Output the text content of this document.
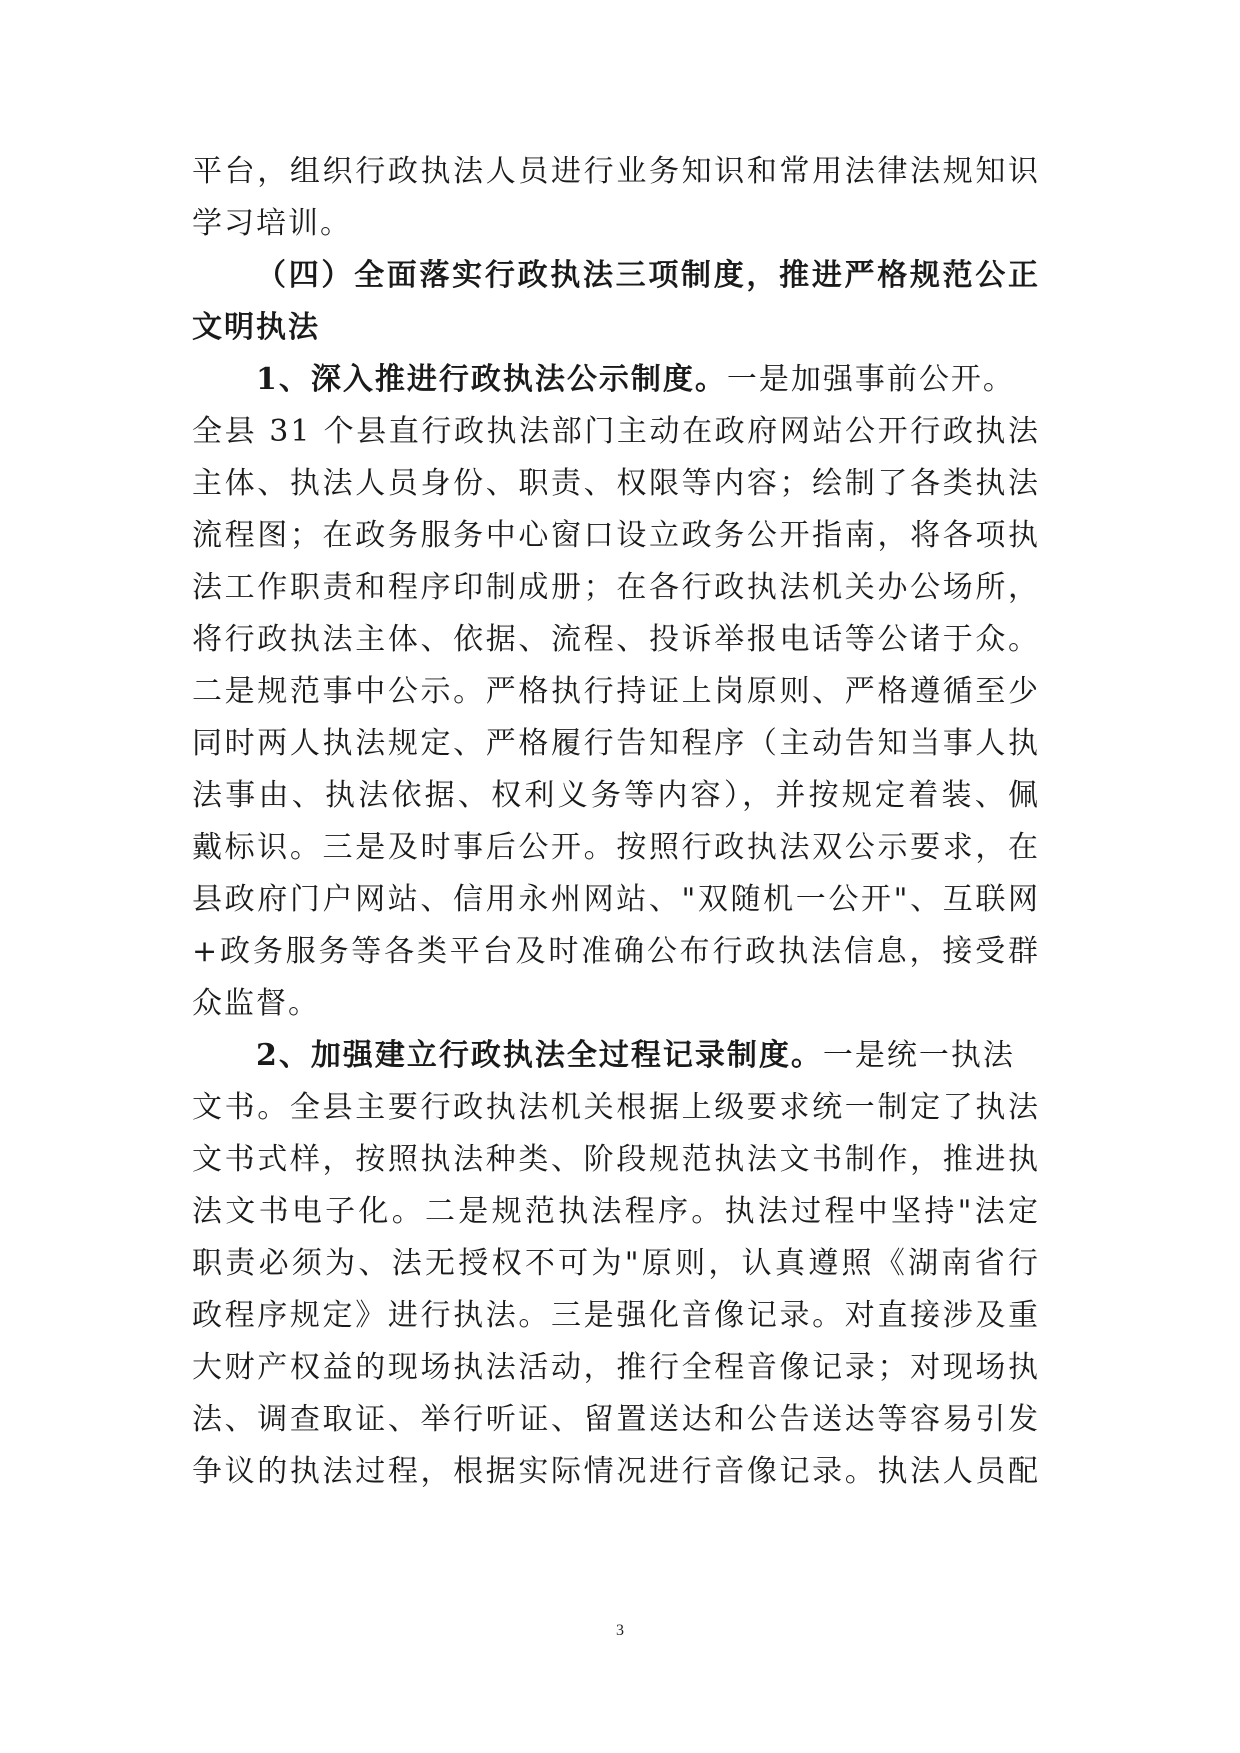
平台，组织行政执法人员进行业务知识和常用法律法规知识
学习培训。
（四）全面落实行政执法三项制度，推进严格规范公正
文明执法
1、深入推进行政执法公示制度。一是加强事前公开。
全县 31 个县直行政执法部门主动在政府网站公开行政执法
主体、执法人员身份、职责、权限等内容；绘制了各类执法
流程图；在政务服务中心窗口设立政务公开指南，将各项执
法工作职责和程序印制成册；在各行政执法机关办公场所，
将行政执法主体、依据、流程、投诉举报电话等公诸于众。
二是规范事中公示。严格执行持证上岗原则、严格遵循至少
同时两人执法规定、严格履行告知程序（主动告知当事人执
法事由、执法依据、权利义务等内容），并按规定着装、佩
戴标识。三是及时事后公开。按照行政执法双公示要求，在
县政府门户网站、信用永州网站、"双随机一公开"、互联网
+政务服务等各类平台及时准确公布行政执法信息，接受群
众监督。
2、加强建立行政执法全过程记录制度。一是统一执法
文书。全县主要行政执法机关根据上级要求统一制定了执法
文书式样，按照执法种类、阶段规范执法文书制作，推进执
法文书电子化。二是规范执法程序。执法过程中坚持"法定
职责必须为、法无授权不可为"原则，认真遵照《湖南省行
政程序规定》进行执法。三是强化音像记录。对直接涉及重
大财产权益的现场执法活动，推行全程音像记录；对现场执
法、调查取证、举行听证、留置送达和公告送达等容易引发
争议的执法过程，根据实际情况进行音像记录。执法人员配
3
